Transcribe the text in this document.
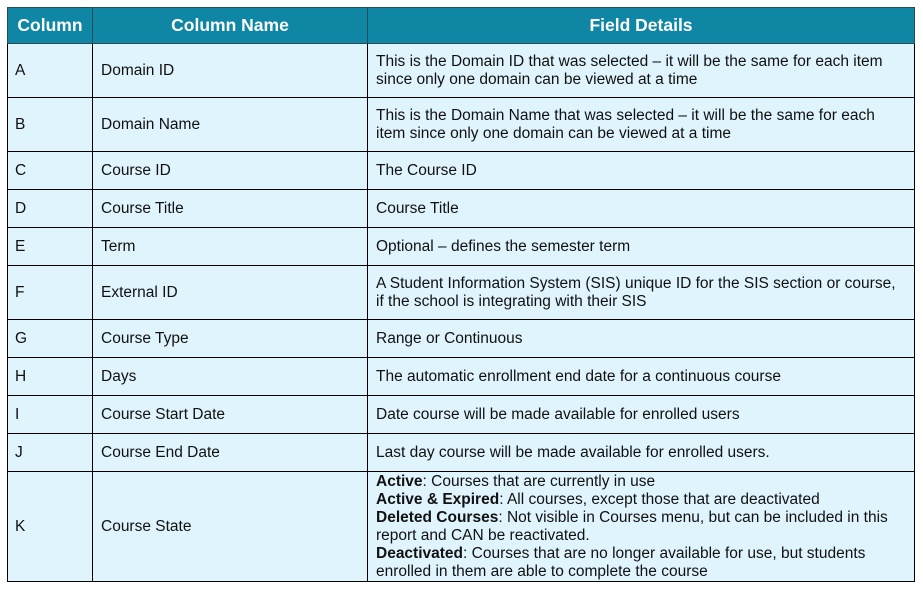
Column	Column Name	Field Details
A	Domain ID	This is the Domain ID that was selected – it will be the same for each item since only one domain can be viewed at a time
B	Domain Name	This is the Domain Name that was selected – it will be the same for each item since only one domain can be viewed at a time
C	Course ID	The Course ID
D	Course Title	Course Title
E	Term	Optional – defines the semester term
F	External ID	A Student Information System (SIS) unique ID for the SIS section or course, if the school is integrating with their SIS
G	Course Type	Range or Continuous
H	Days	The automatic enrollment end date for a continuous course
I	Course Start Date	Date course will be made available for enrolled users
J	Course End Date	Last day course will be made available for enrolled users.
K	Course State	Active: Courses that are currently in use
Active & Expired: All courses, except those that are deactivated
Deleted Courses: Not visible in Courses menu, but can be included in this report and CAN be reactivated.
Deactivated: Courses that are no longer available for use, but students enrolled in them are able to complete the course
